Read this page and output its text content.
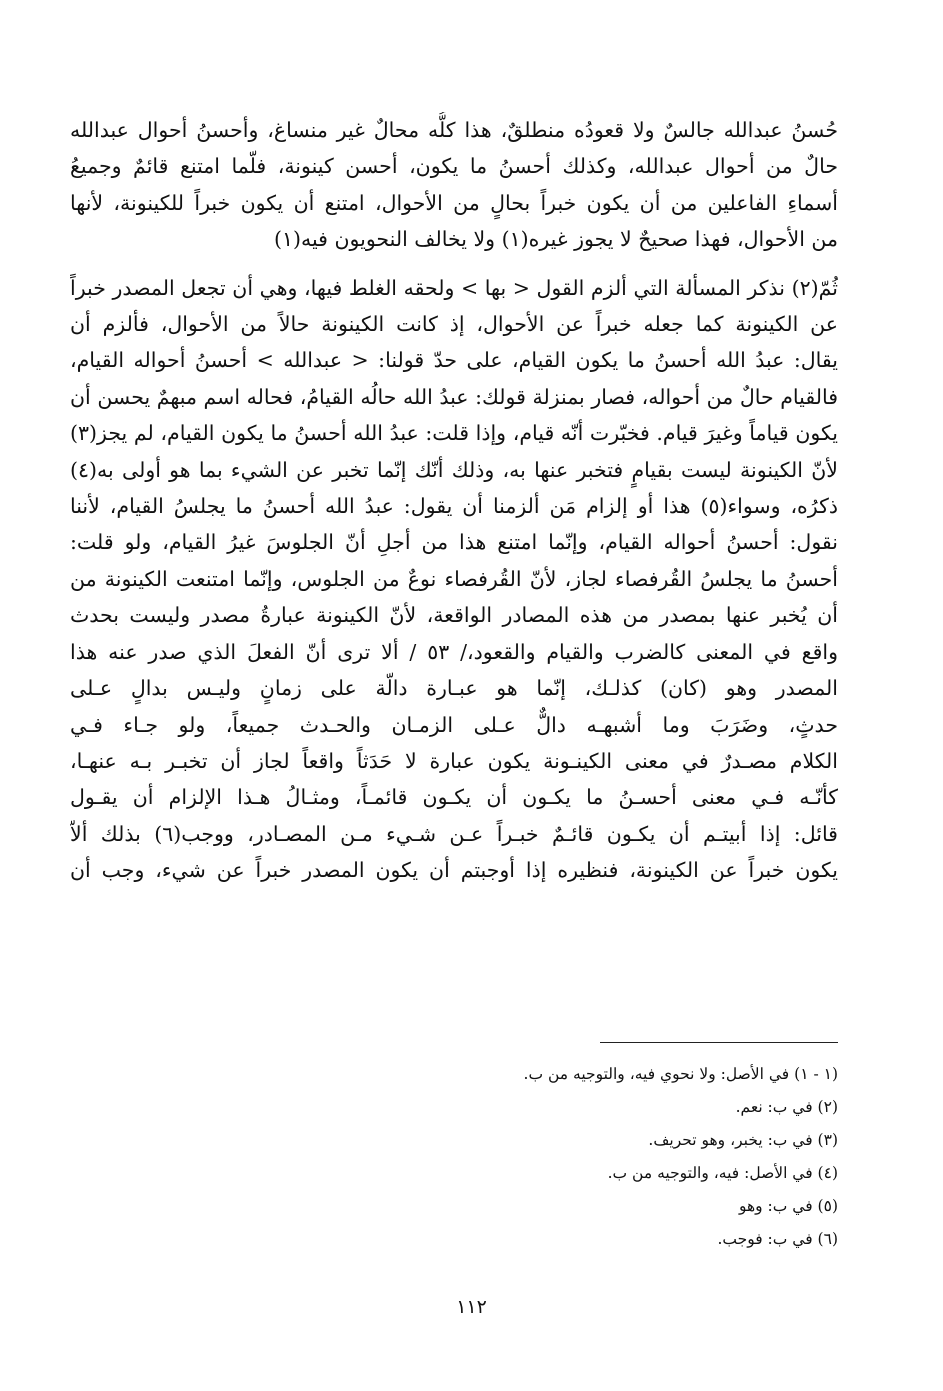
حُسنُ عبدالله جالسٌ ولا قعودُه منطلقٌ، هذا كلُّه محالٌ غير منساغ، وأحسنُ أحوال عبدالله

حالٌ من أحوال عبدالله، وكذلك أحسنُ ما يكون، أحسن كينونة، فلّما امتنع قائمٌ وجميعُ

أسماءِ الفاعلين من أن يكون خبراً بحالٍ من الأحوال، امتنع أن يكون خبراً للكينونة، لأنها

من الأحوال، فهذا صحيحٌ لا يجوز غيره(١) ولا يخالف النحويون فيه(١)

ثُمّ(٢) نذكر المسألة التي ألزم القول < بها > ولحقه الغلط فيها، وهي أن تجعل المصدر خبراً

عن الكينونة كما جعله خبراً عن الأحوال، إذ كانت الكينونة حالاً من الأحوال، فألزم أن

يقال: عبدُ الله أحسنُ ما يكون القيام، على حدّ قولنا: < عبدالله > أحسنُ أحواله القيام،

فالقيام حالٌ من أحواله، فصار بمنزلة قولك: عبدُ الله حالُه القيامُ، فحاله اسم مبهمٌ يحسن أن

يكون قياماً وغيرَ قيام. فخبّرت أنّه قيام، وإذا قلت: عبدُ الله أحسنُ ما يكون القيام، لم يجز(٣)

لأنّ الكينونة ليست بقيامٍ فتخبر عنها به، وذلك أنّك إنّما تخبر عن الشيء بما هو أولى به(٤)

ذكرُه، وسواء(٥) هذا أو إلزام مَن ألزمنا أن يقول: عبدُ الله أحسنُ ما يجلسُ القيام، لأننا

نقول: أحسنُ أحواله القيام، وإنّما امتنع هذا من أجلِ أنّ الجلوسَ غيرُ القيام، ولو قلت:

أحسنُ ما يجلسُ القُرفصاء لجاز، لأنّ القُرفصاء نوعٌ من الجلوس، وإنّما امتنعت الكينونة من

أن يُخبر عنها بمصدر من هذه المصادر الواقعة، لأنّ الكينونة عبارةُ مصدر وليست بحدث

واقع في المعنى كالضرب والقيام والقعود،/ ٥٣ / ألا ترى أنّ الفعلَ الذي صدر عنه هذا

المصدر وهو (كان) كذلـك، إنّما هو عبـارة دالّة على زمانٍ وليـس بدالٍ عـلى

حدثٍ، وضَرَبَ وما أشبهـه دالٌّ عـلى الزمـان والحـدث جميعاً، ولو جـاء فـي

الكلام مصـدرٌ في معنى الكينـونة يكون عبارة لا حَدَثاً واقعاً لجاز أن تخبـر بـه عنهـا،

كأنّـه فـي معنى أحسـنُ ما يكـون أن يكـون قائمـاً، ومثـالُ هـذا الإلزام أن يقـول

قائل: إذا أبيتـم أن يكـون قائـمٌ خبـراً عـن شـيء مـن المصـادر، ووجب(٦) بذلك ألاّ

يكون خبراً عن الكينونة، فنظيره إذا أوجبتم أن يكون المصدر خبراً عن شيء، وجب أن

(١ - ١) في الأصل: ولا نحوي فيه، والتوجيه من ب.
(٢) في ب: نعم.
(٣) في ب: يخبر، وهو تحريف.
(٤) في الأصل: فيه، والتوجيه من ب.
(٥) في ب: وهو
(٦) في ب: فوجب.
١١٢
